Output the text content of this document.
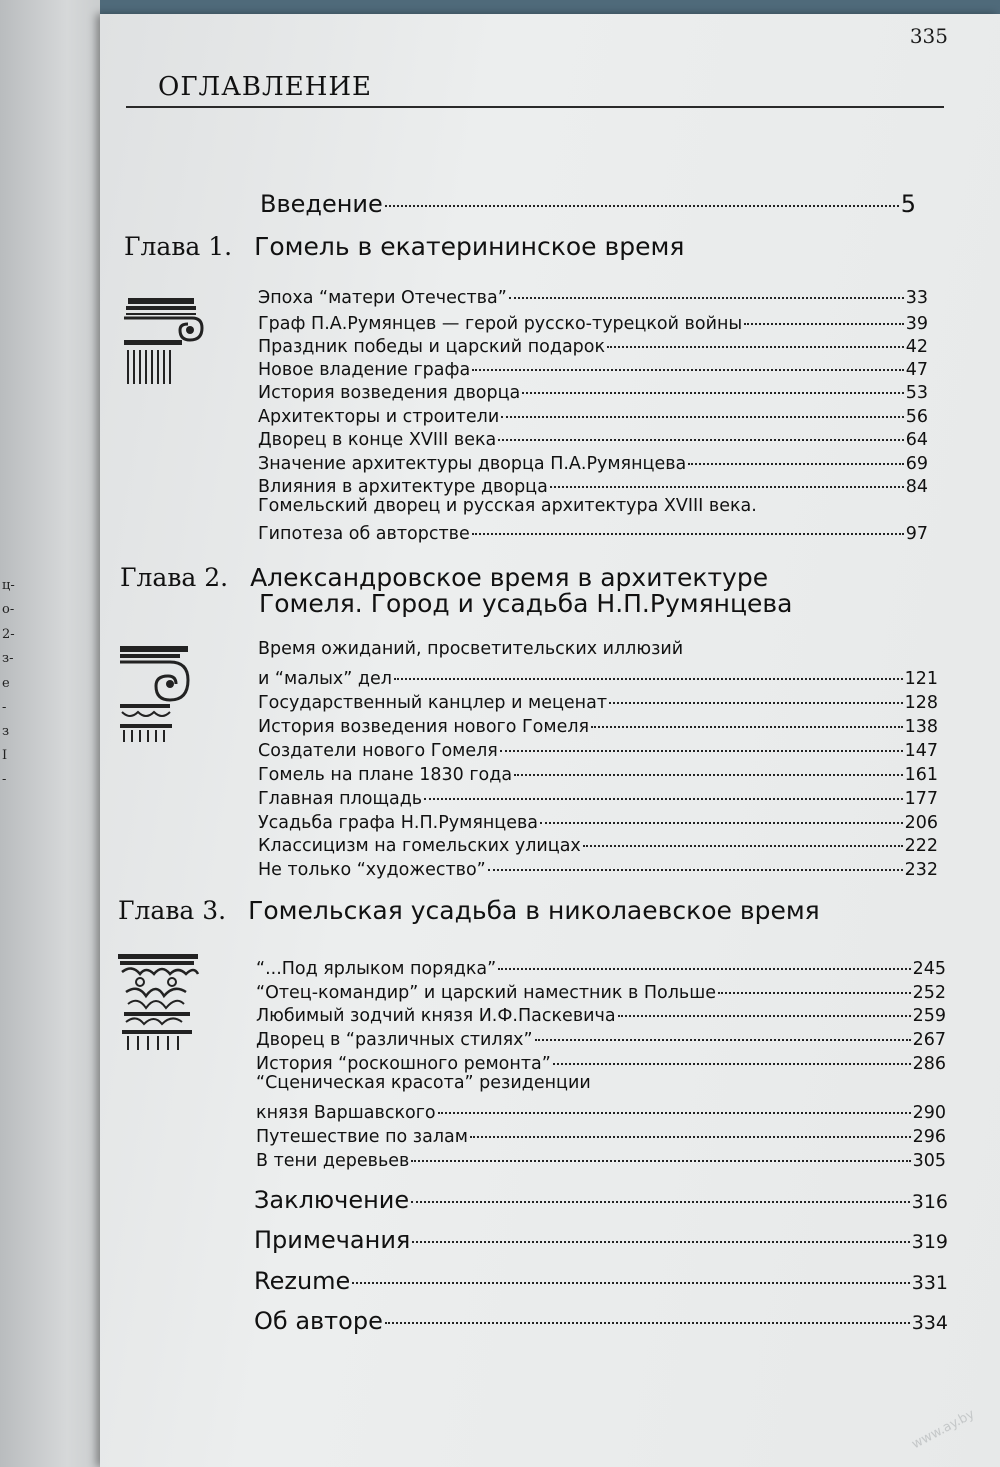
ц-
о-
2-
з-
е
-
з
I
-
335
ОГЛАВЛЕНИЕ
Введение	5
Глава 1. Гомель в екатерининское время
Эпоха “матери Отечества”	33
Граф П.А.Румянцев — герой русско-турецкой войны	39
Праздник победы и царский подарок	42
Новое владение графа	47
История возведения дворца	53
Архитекторы и строители	56
Дворец в конце XVIII века	64
Значение архитектуры дворца П.А.Румянцева	69
Влияния в архитектуре дворца	84
Гомельский дворец и русская архитектура XVIII века.
Гипотеза об авторстве	97
Глава 2. Александровское время в архитектуре
Гомеля. Город и усадьба Н.П.Румянцева
Время ожиданий, просветительских иллюзий
и “малых” дел	121
Государственный канцлер и меценат	128
История возведения нового Гомеля	138
Создатели нового Гомеля	147
Гомель на плане 1830 года	161
Главная площадь	177
Усадьба графа Н.П.Румянцева	206
Классицизм на гомельских улицах	222
Не только “художество”	232
Глава 3. Гомельская усадьба в николаевское время
“...Под ярлыком порядка”	245
“Отец-командир” и царский наместник в Польше	252
Любимый зодчий князя И.Ф.Паскевича	259
Дворец в “различных стилях”	267
История “роскошного ремонта”	286
“Сценическая красота” резиденции
князя Варшавского	290
Путешествие по залам	296
В тени деревьев	305
Заключение	316
Примечания	319
Rezume	331
Об авторе	334
www.ay.by
